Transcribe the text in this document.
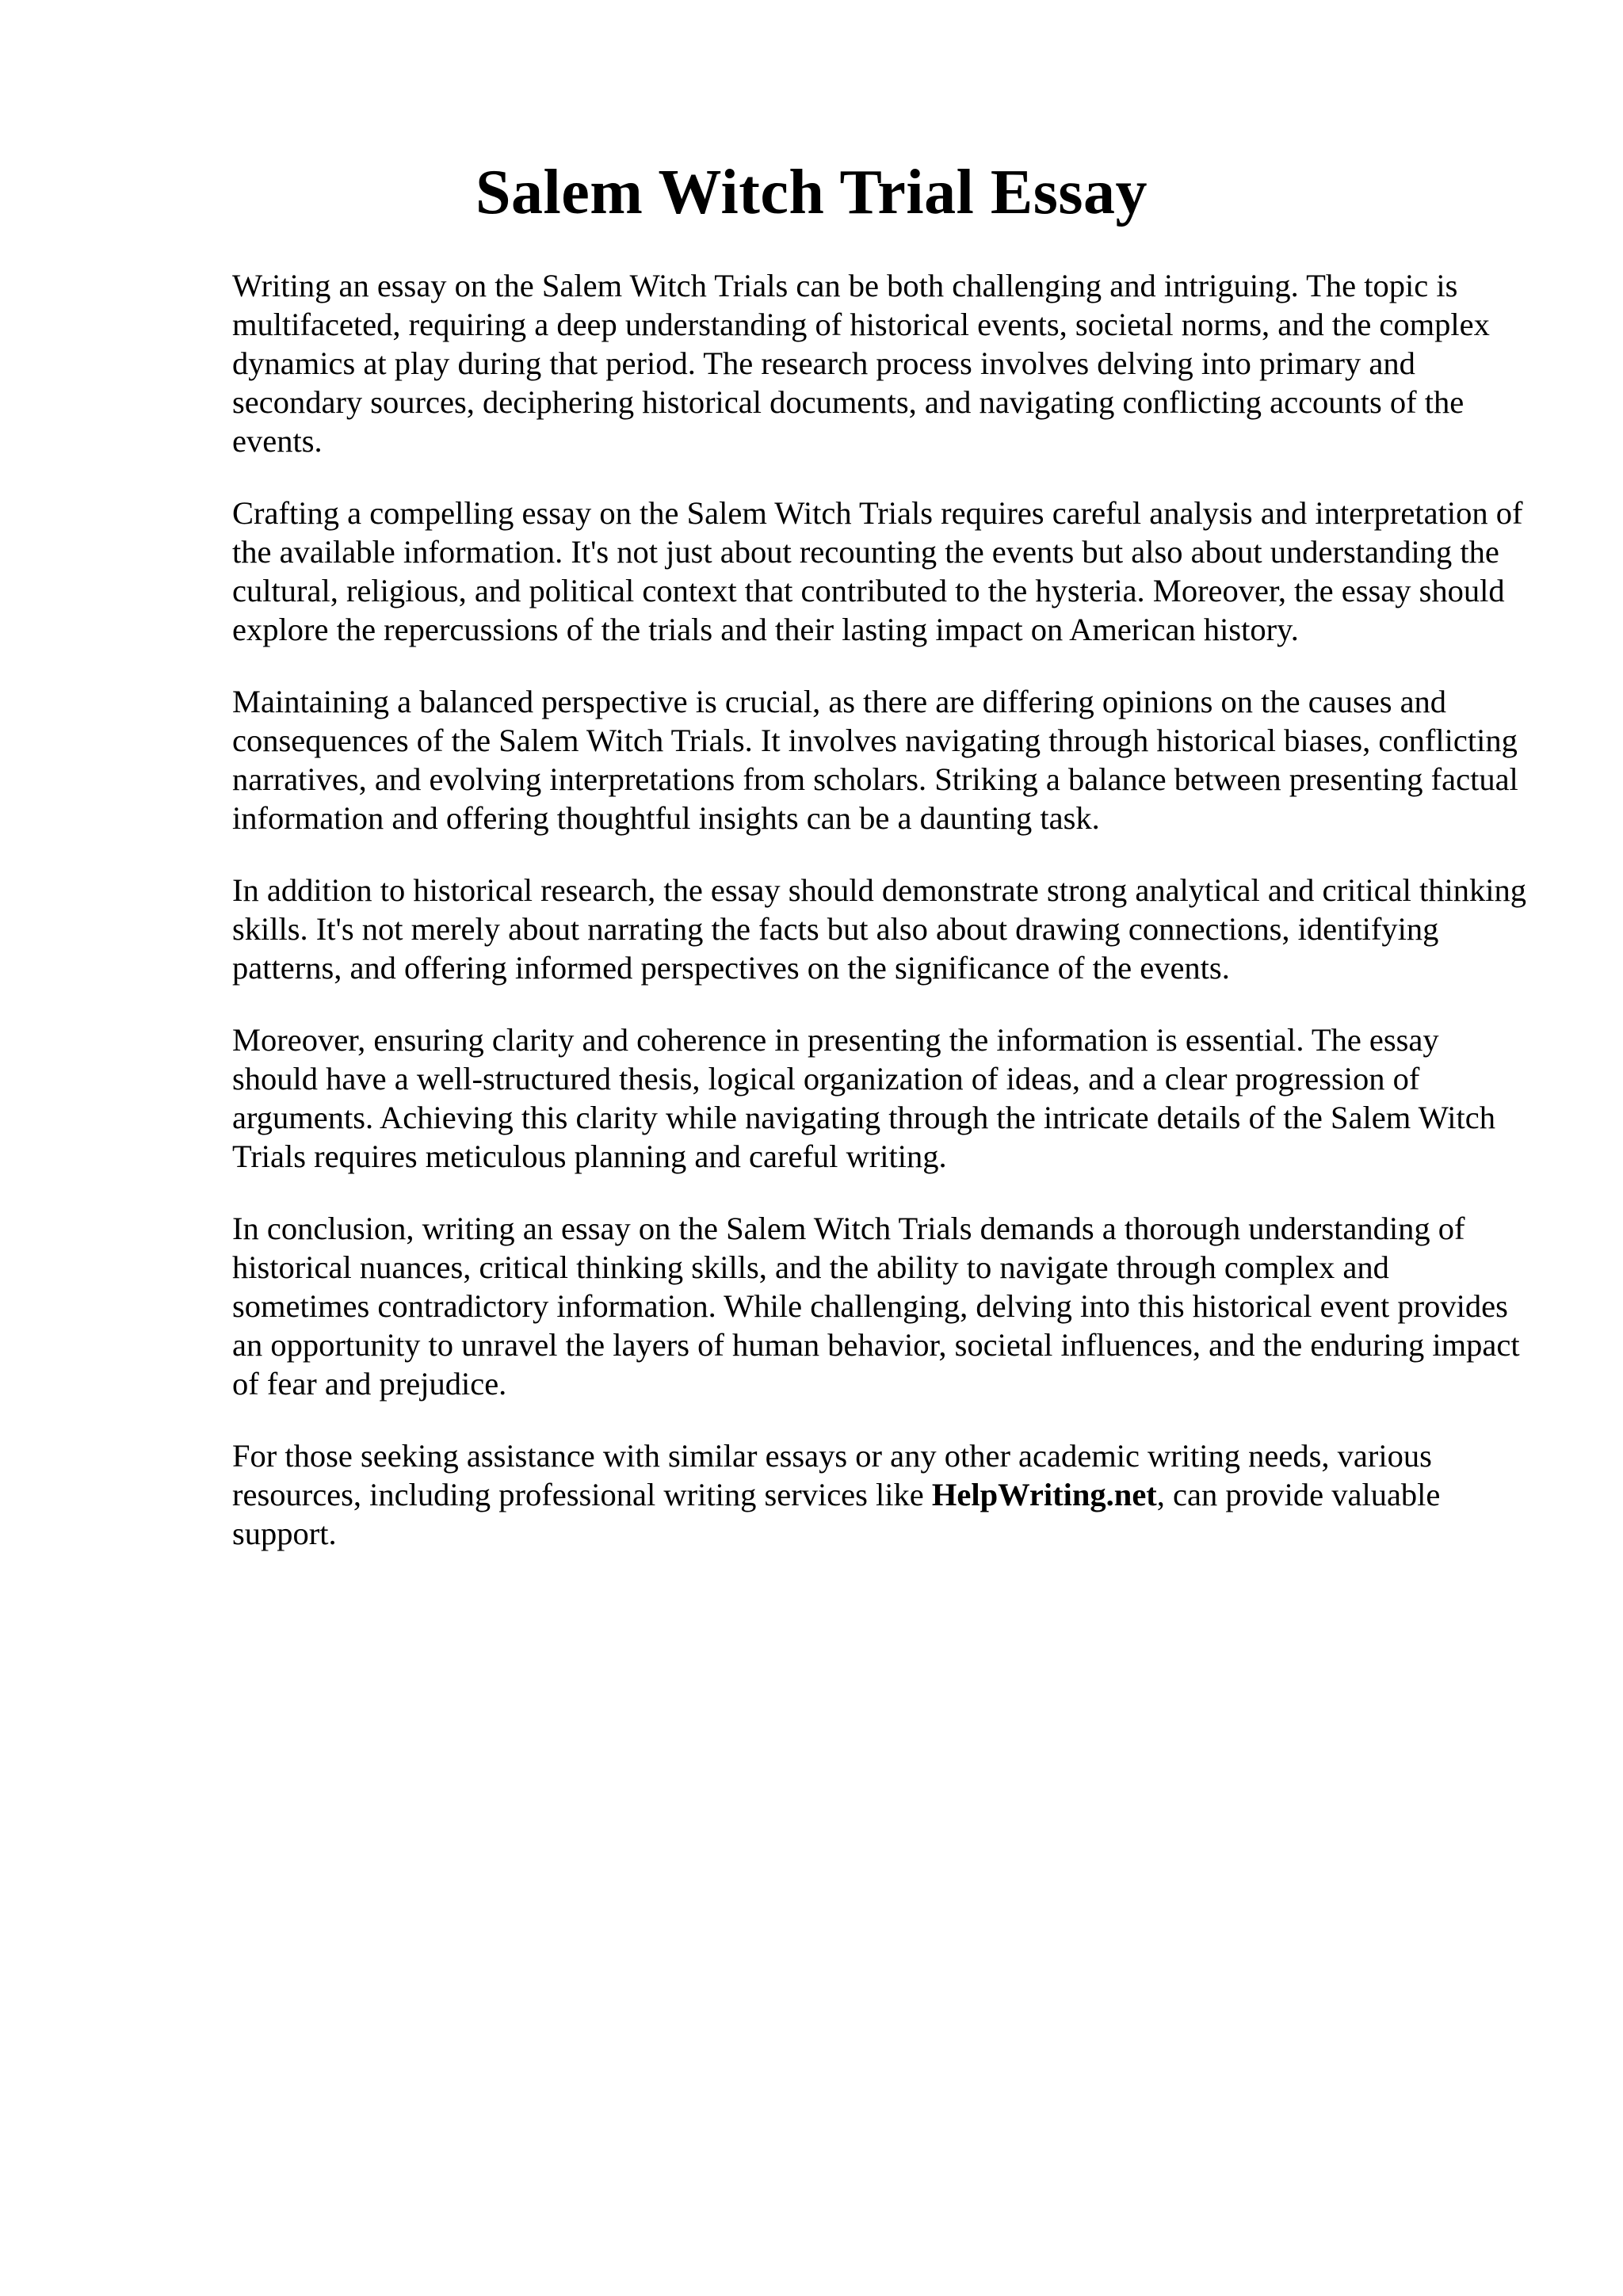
Salem Witch Trial Essay

Writing an essay on the Salem Witch Trials can be both challenging and intriguing. The topic is multifaceted, requiring a deep understanding of historical events, societal norms, and the complex dynamics at play during that period. The research process involves delving into primary and secondary sources, deciphering historical documents, and navigating conflicting accounts of the events.

Crafting a compelling essay on the Salem Witch Trials requires careful analysis and interpretation of the available information. It's not just about recounting the events but also about understanding the cultural, religious, and political context that contributed to the hysteria. Moreover, the essay should explore the repercussions of the trials and their lasting impact on American history.

Maintaining a balanced perspective is crucial, as there are differing opinions on the causes and consequences of the Salem Witch Trials. It involves navigating through historical biases, conflicting narratives, and evolving interpretations from scholars. Striking a balance between presenting factual information and offering thoughtful insights can be a daunting task.

In addition to historical research, the essay should demonstrate strong analytical and critical thinking skills. It's not merely about narrating the facts but also about drawing connections, identifying patterns, and offering informed perspectives on the significance of the events.

Moreover, ensuring clarity and coherence in presenting the information is essential. The essay should have a well-structured thesis, logical organization of ideas, and a clear progression of arguments. Achieving this clarity while navigating through the intricate details of the Salem Witch Trials requires meticulous planning and careful writing.

In conclusion, writing an essay on the Salem Witch Trials demands a thorough understanding of historical nuances, critical thinking skills, and the ability to navigate through complex and sometimes contradictory information. While challenging, delving into this historical event provides an opportunity to unravel the layers of human behavior, societal influences, and the enduring impact of fear and prejudice.

For those seeking assistance with similar essays or any other academic writing needs, various resources, including professional writing services like HelpWriting.net, can provide valuable support.
